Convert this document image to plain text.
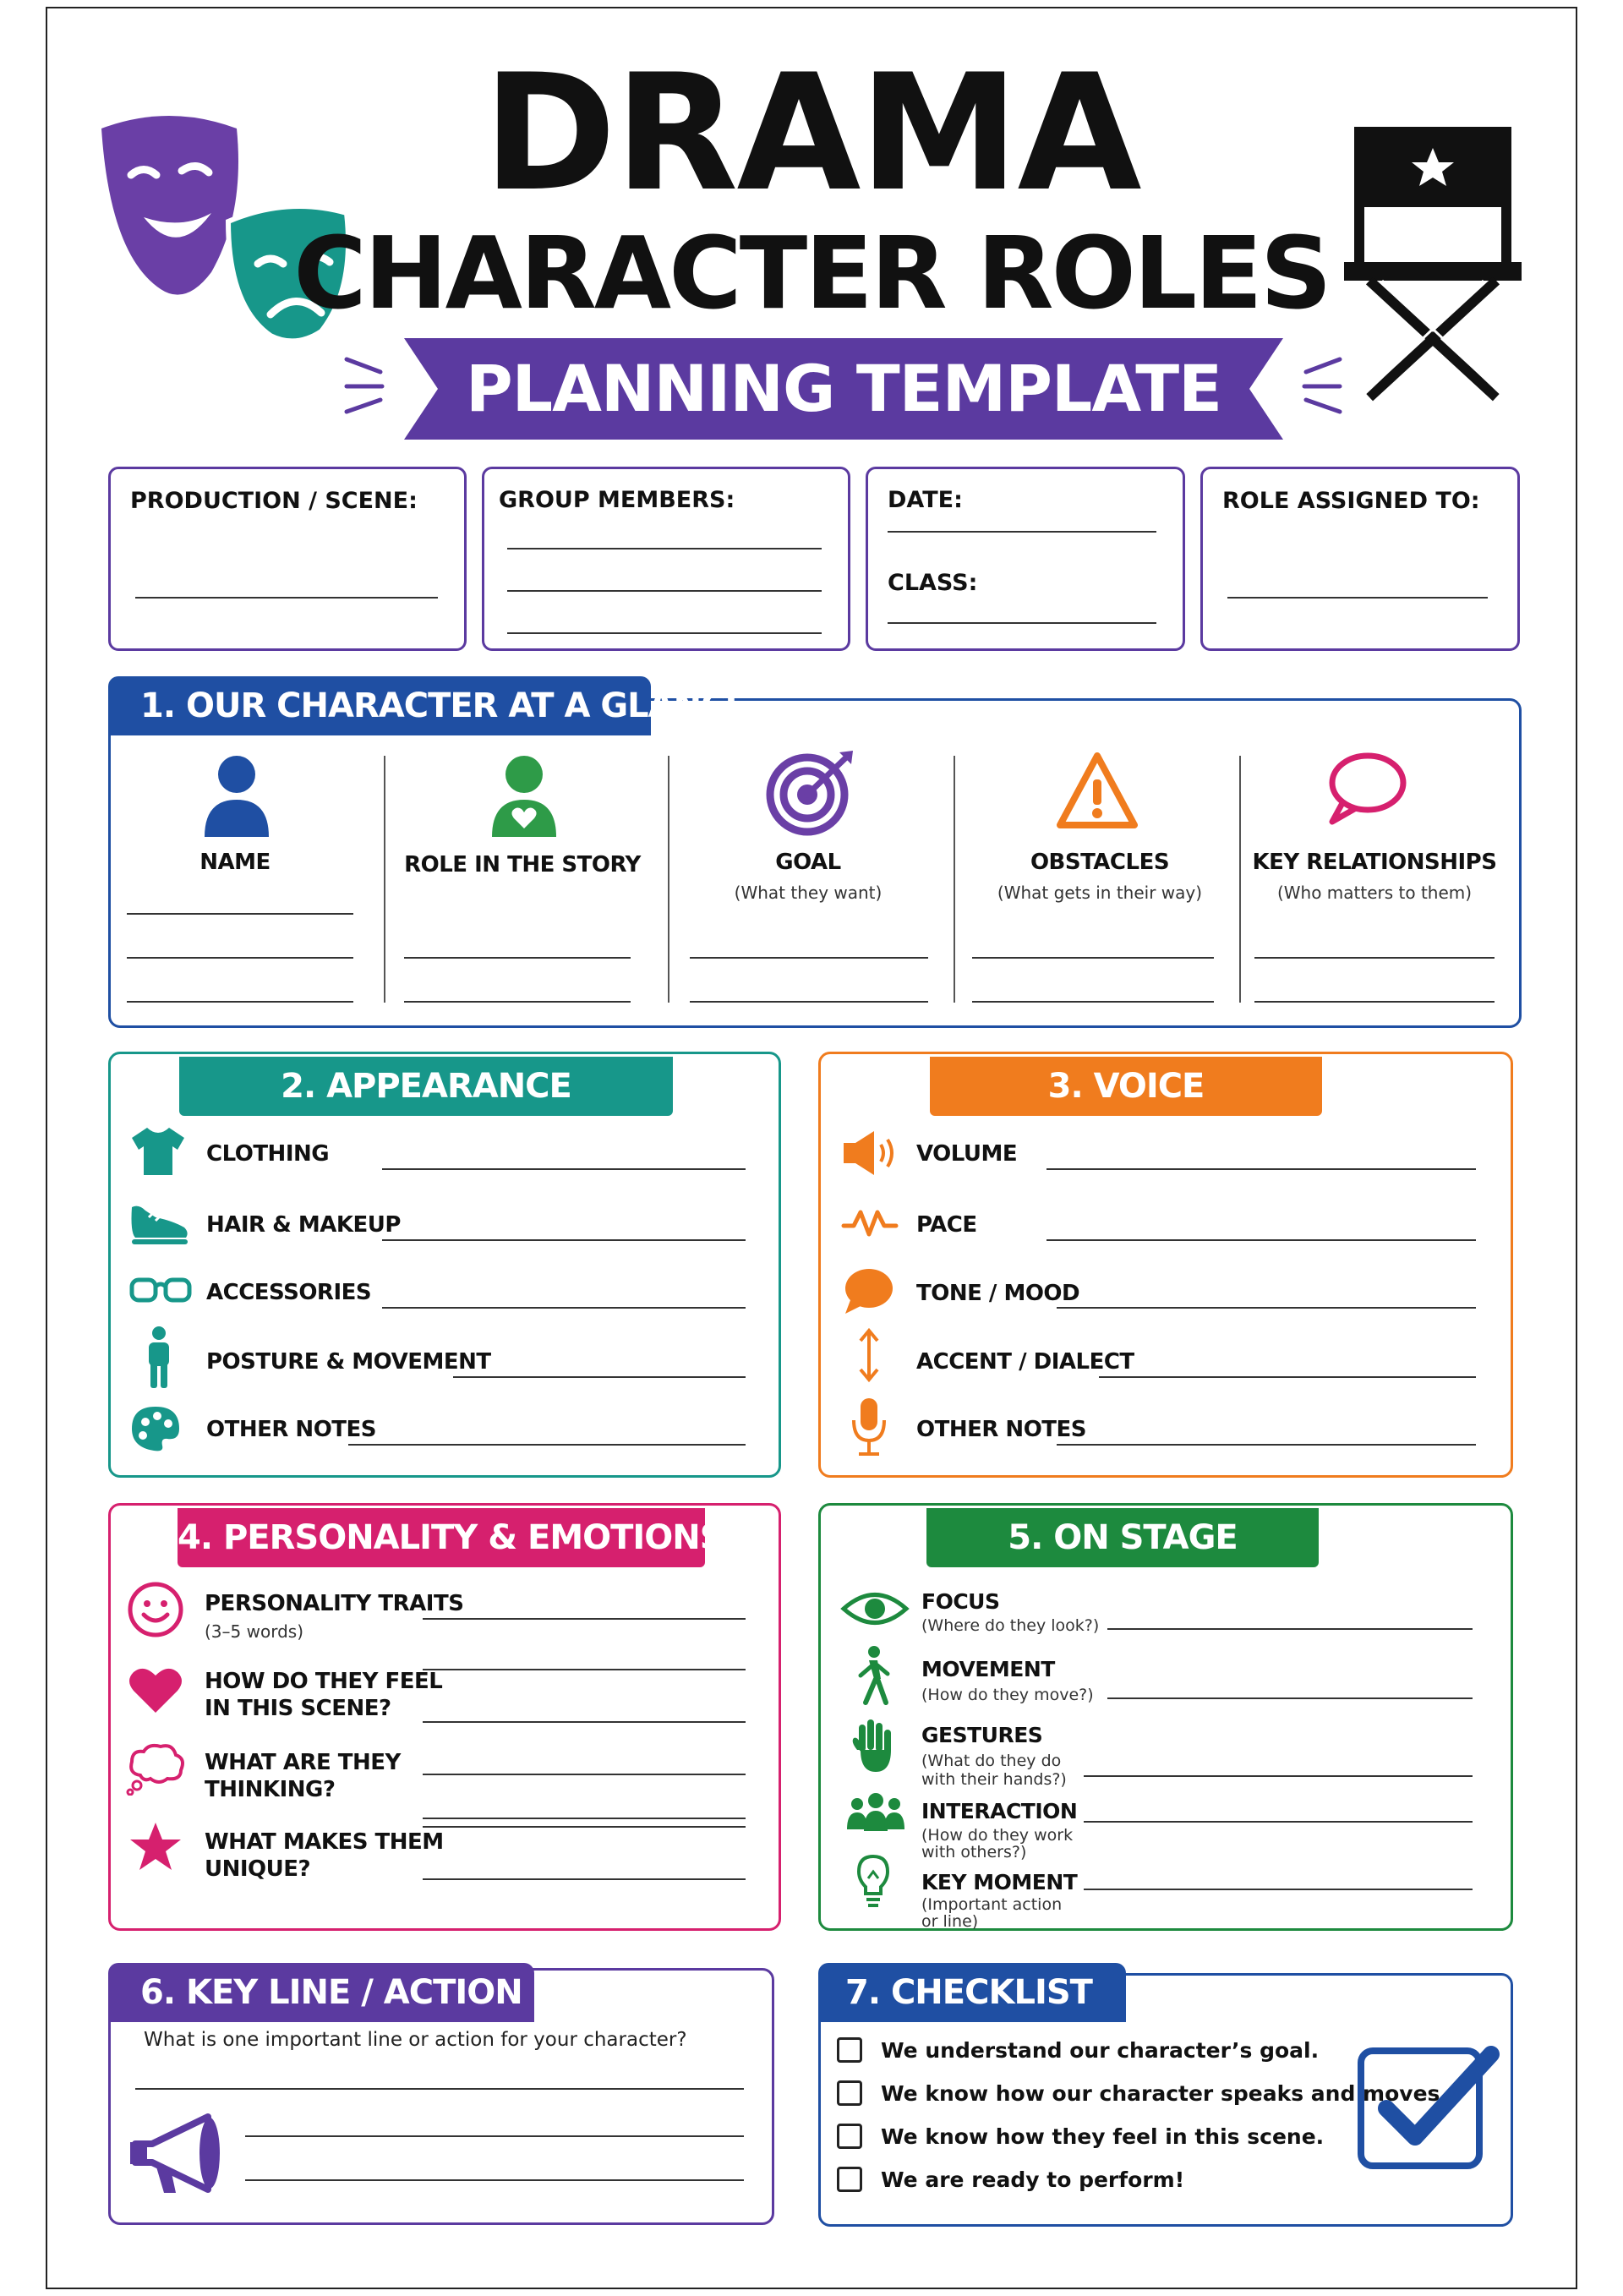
DRAMA
CHARACTER ROLES
PLANNING TEMPLATE
PRODUCTION / SCENE:	GROUP MEMBERS:	DATE:
CLASS:
ROLE ASSIGNED TO:
1. OUR CHARACTER AT A GLANCE
NAME	ROLE IN THE STORY	GOAL
(What they want)
OBSTACLES
(What gets in their way)
KEY RELATIONSHIPS
(Who matters to them)
2. APPEARANCE
CLOTHING
HAIR & MAKEUP
ACCESSORIES
POSTURE & MOVEMENT
OTHER NOTES
3. VOICE
VOLUME
PACE
TONE / MOOD
ACCENT / DIALECT
OTHER NOTES
4. PERSONALITY & EMOTIONS
PERSONALITY TRAITS
(3–5 words)
HOW DO THEY FEEL
IN THIS SCENE?
WHAT ARE THEY
THINKING?
WHAT MAKES THEM
UNIQUE?
5. ON STAGE
FOCUS
(Where do they look?)
MOVEMENT
(How do they move?)
GESTURES
(What do they do
with their hands?)
INTERACTION
(How do they work
with others?)
KEY MOMENT
(Important action
or line)
6. KEY LINE / ACTION
What is one important line or action for your character?
7. CHECKLIST
We understand our character’s goal.
We know how our character speaks and moves.
We know how they feel in this scene.
We are ready to perform!
